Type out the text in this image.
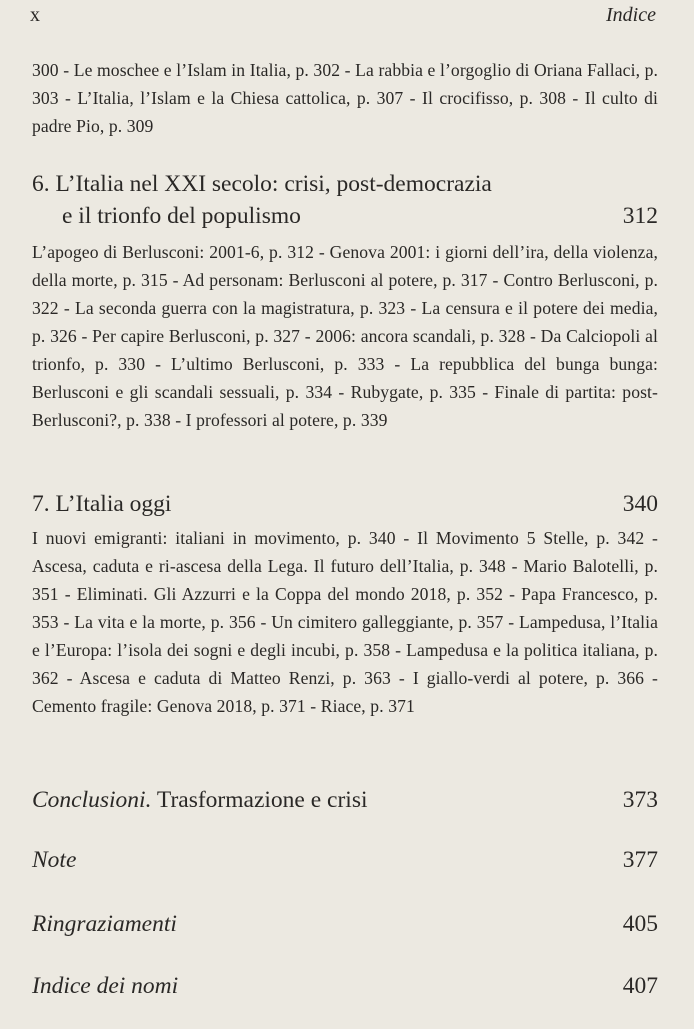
x	Indice

300 - Le moschee e l’Islam in Italia, p. 302 - La rabbia e l’orgoglio di Oriana Fallaci, p. 303 - L’Italia, l’Islam e la Chiesa cattolica, p. 307 - Il crocifisso, p. 308 - Il culto di padre Pio, p. 309

6. L’Italia nel XXI secolo: crisi, post-democrazia
e il trionfo del populismo	312

L’apogeo di Berlusconi: 2001-6, p. 312 - Genova 2001: i giorni dell’ira, della violenza, della morte, p. 315 - Ad personam: Berlusconi al potere, p. 317 - Contro Berlusconi, p. 322 - La seconda guerra con la magistratura, p. 323 - La censura e il potere dei media, p. 326 - Per capire Berlusconi, p. 327 - 2006: ancora scandali, p. 328 - Da Calciopoli al trionfo, p. 330 - L’ultimo Berlusconi, p. 333 - La repubblica del bunga bunga: Berlusconi e gli scandali sessuali, p. 334 - Rubygate, p. 335 - Finale di partita: post-Berlusconi?, p. 338 - I professori al potere, p. 339

7. L’Italia oggi	340

I nuovi emigranti: italiani in movimento, p. 340 - Il Movimento 5 Stelle, p. 342 - Ascesa, caduta e ri-ascesa della Lega. Il futuro dell’Italia, p. 348 - Mario Balotelli, p. 351 - Eliminati. Gli Azzurri e la Coppa del mondo 2018, p. 352 - Papa Francesco, p. 353 - La vita e la morte, p. 356 - Un cimitero galleggiante, p. 357 - Lampedusa, l’Italia e l’Europa: l’isola dei sogni e degli incubi, p. 358 - Lampedusa e la politica italiana, p. 362 - Ascesa e caduta di Matteo Renzi, p. 363 - I giallo-verdi al potere, p. 366 - Cemento fragile: Genova 2018, p. 371 - Riace, p. 371

Conclusioni. Trasformazione e crisi	373
Note	377
Ringraziamenti	405
Indice dei nomi	407
